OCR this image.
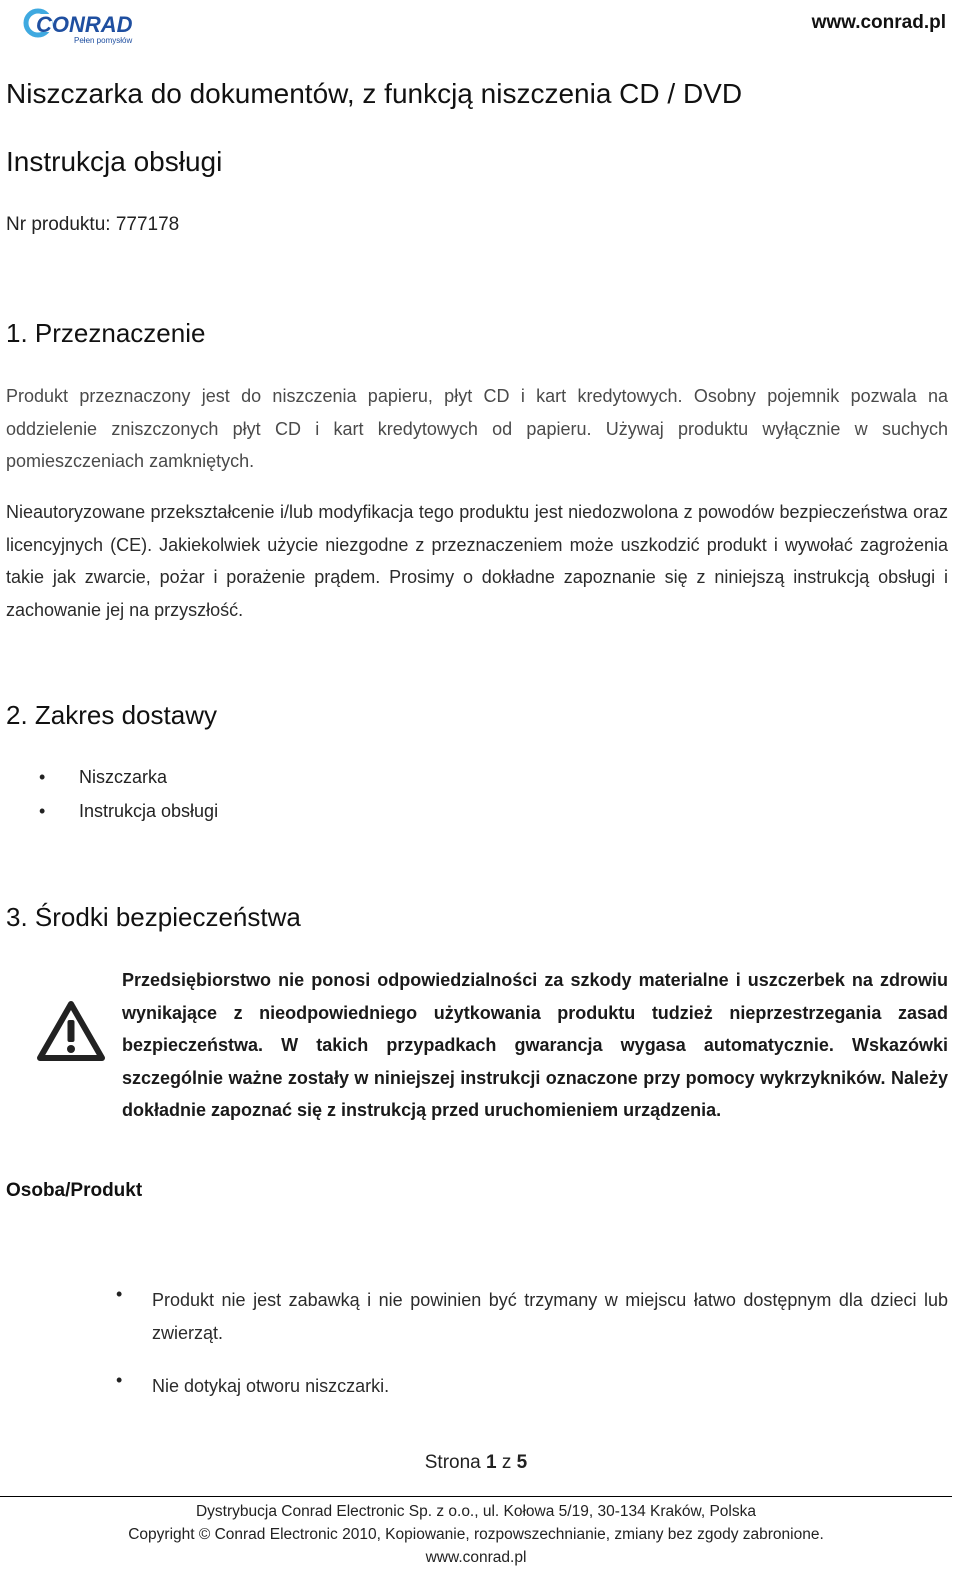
CONRAD
Pełen pomysłów
www.conrad.pl
Niszczarka do dokumentów, z funkcją niszczenia CD / DVD
Instrukcja obsługi
Nr produktu: 777178
1. Przeznaczenie
Produkt przeznaczony jest do niszczenia papieru, płyt CD i kart kredytowych. Osobny pojemnik pozwala na oddzielenie zniszczonych płyt CD i kart kredytowych od papieru. Używaj produktu wyłącznie w suchych pomieszczeniach zamkniętych.
Nieautoryzowane przekształcenie i/lub modyfikacja tego produktu jest niedozwolona z powodów bezpieczeństwa oraz licencyjnych (CE). Jakiekolwiek użycie niezgodne z przeznaczeniem może uszkodzić produkt i wywołać zagrożenia takie jak zwarcie, pożar i porażenie prądem. Prosimy o dokładne zapoznanie się z niniejszą instrukcją obsługi i zachowanie jej na przyszłość.
2. Zakres dostawy
• Niszczarka
• Instrukcja obsługi
3. Środki bezpieczeństwa
Przedsiębiorstwo nie ponosi odpowiedzialności za szkody materialne i uszczerbek na zdrowiu wynikające z nieodpowiedniego użytkowania produktu tudzież nieprzestrzegania zasad bezpieczeństwa. W takich przypadkach gwarancja wygasa automatycznie. Wskazówki szczególnie ważne zostały w niniejszej instrukcji oznaczone przy pomocy wykrzykników. Należy dokładnie zapoznać się z instrukcją przed uruchomieniem urządzenia.
Osoba/Produkt
• Produkt nie jest zabawką i nie powinien być trzymany w miejscu łatwo dostępnym dla dzieci lub zwierząt.
• Nie dotykaj otworu niszczarki.
Strona 1 z 5
Dystrybucja Conrad Electronic Sp. z o.o., ul. Kołowa 5/19, 30-134 Kraków, Polska
Copyright © Conrad Electronic 2010, Kopiowanie, rozpowszechnianie, zmiany bez zgody zabronione.
www.conrad.pl
